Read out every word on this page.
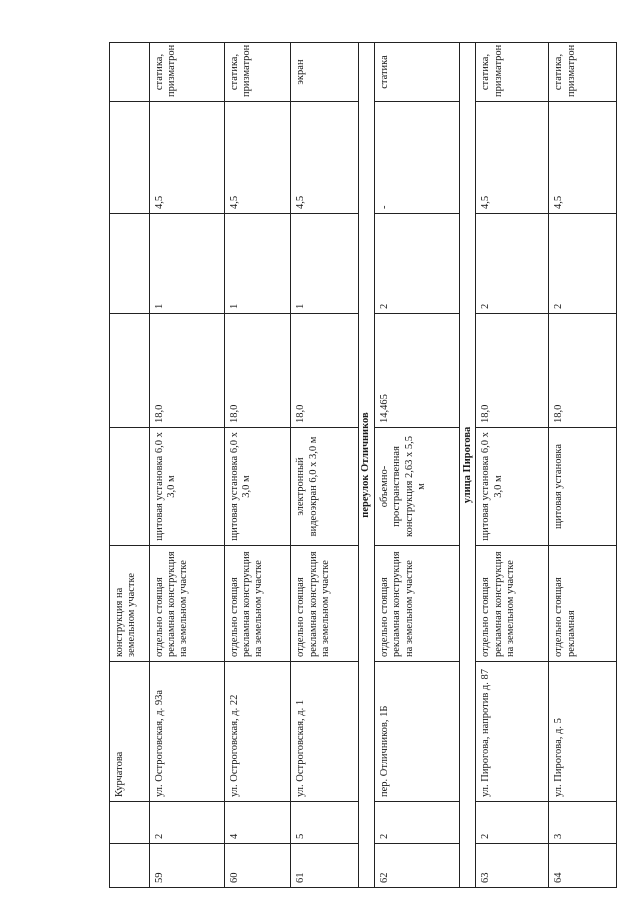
		Курчатова	конструкция на земельном участке					
59	2	ул. Остроговская, д. 93а	отдельно стоящая рекламная конструкция на земельном участке	щитовая установка 6,0 х 3,0 м	18,0	1	4,5	статика, призматрон
60	4	ул. Остроговская, д. 22	отдельно стоящая рекламная конструкция на земельном участке	щитовая установка 6,0 х 3,0 м	18,0	1	4,5	статика, призматрон
61	5	ул. Остроговская, д. 1	отдельно стоящая рекламная конструкция на земельном участке	электронный видеоэкран 6,0 х 3,0 м	18,0	1	4,5	экран
переулок Отличников								
62	2	пер. Отличников, 1Б	отдельно стоящая рекламная конструкция на земельном участке	объемно-пространственная конструкция 2,63 х 5,5 м	14,465	2	-	статика
улица Пирогова								
63	2	ул. Пирогова, напротив д. 87	отдельно стоящая рекламная конструкция на земельном участке	щитовая установка 6,0 х 3,0 м	18,0	2	4,5	статика, призматрон
64	3	ул. Пирогова, д. 5	отдельно стоящая рекламная	щитовая установка	18,0	2	4,5	статика, призматрон
